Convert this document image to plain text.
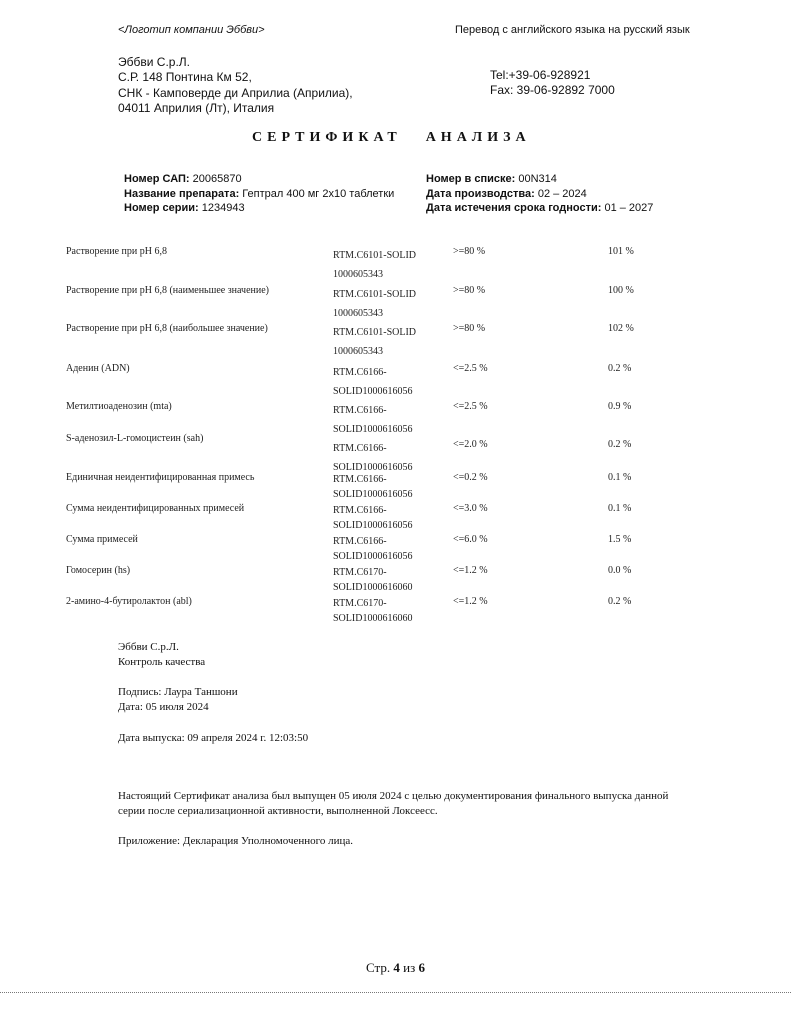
<Логотип компании Эббви>	Перевод с английского языка на русский язык
Эббви С.р.Л.
С.Р. 148 Понтина Км 52,
СНК - Камповерде ди Априлиа (Априлиа),
04011 Априлия (Лт), Италия
Tel:+39-06-928921
Fax: 39-06-92892 7000
СЕРТИФИКАТ АНАЛИЗА
Номер САП: 20065870
Название препарата: Гептрал 400 мг 2x10 таблетки
Номер серии: 1234943
Номер в списке: 00N314
Дата производства: 02 – 2024
Дата истечения срока годности: 01 – 2027
Растворение при pH 6,8	RTM.C6101-SOLID
1000605343
>=80 %	101 %
Растворение при pH 6,8 (наименьшее значение)	RTM.C6101-SOLID
1000605343
>=80 %	100 %
Растворение при pH 6,8 (наибольшее значение)	RTM.C6101-SOLID
1000605343
>=80 %	102 %
Аденин (ADN)	RTM.C6166-
SOLID1000616056
<=2.5 %	0.2 %
Метилтиоаденозин (mta)	RTM.C6166-
SOLID1000616056
<=2.5 %	0.9 %
S-аденозил-L-гомоцистеин (sah)
RTM.C6166-
SOLID1000616056
<=2.0 %	0.2 %
Единичная неидентифицированная примесь	RTM.C6166-
SOLID1000616056
<=0.2 %	0.1 %
Сумма неидентифицированных примесей	RTM.C6166-
SOLID1000616056
<=3.0 %	0.1 %
Сумма примесей	RTM.C6166-
SOLID1000616056
<=6.0 %	1.5 %
Гомосерин (hs)	RTM.C6170-
SOLID1000616060
<=1.2 %	0.0 %
2-амино-4-бутиролактон (abl)	RTM.C6170-
SOLID1000616060
<=1.2 %	0.2 %
Эббви С.р.Л.
Контроль качества
Подпись: Лаура Таншони
Дата: 05 июля 2024
Дата выпуска: 09 апреля 2024 г. 12:03:50
Настоящий Сертификат анализа был выпущен 05 июля 2024 с целью документирования финального выпуска данной серии после сериализационной активности, выполненной Локсеесс.
Приложение: Декларация Уполномоченного лица.
Стр. 4 из 6
